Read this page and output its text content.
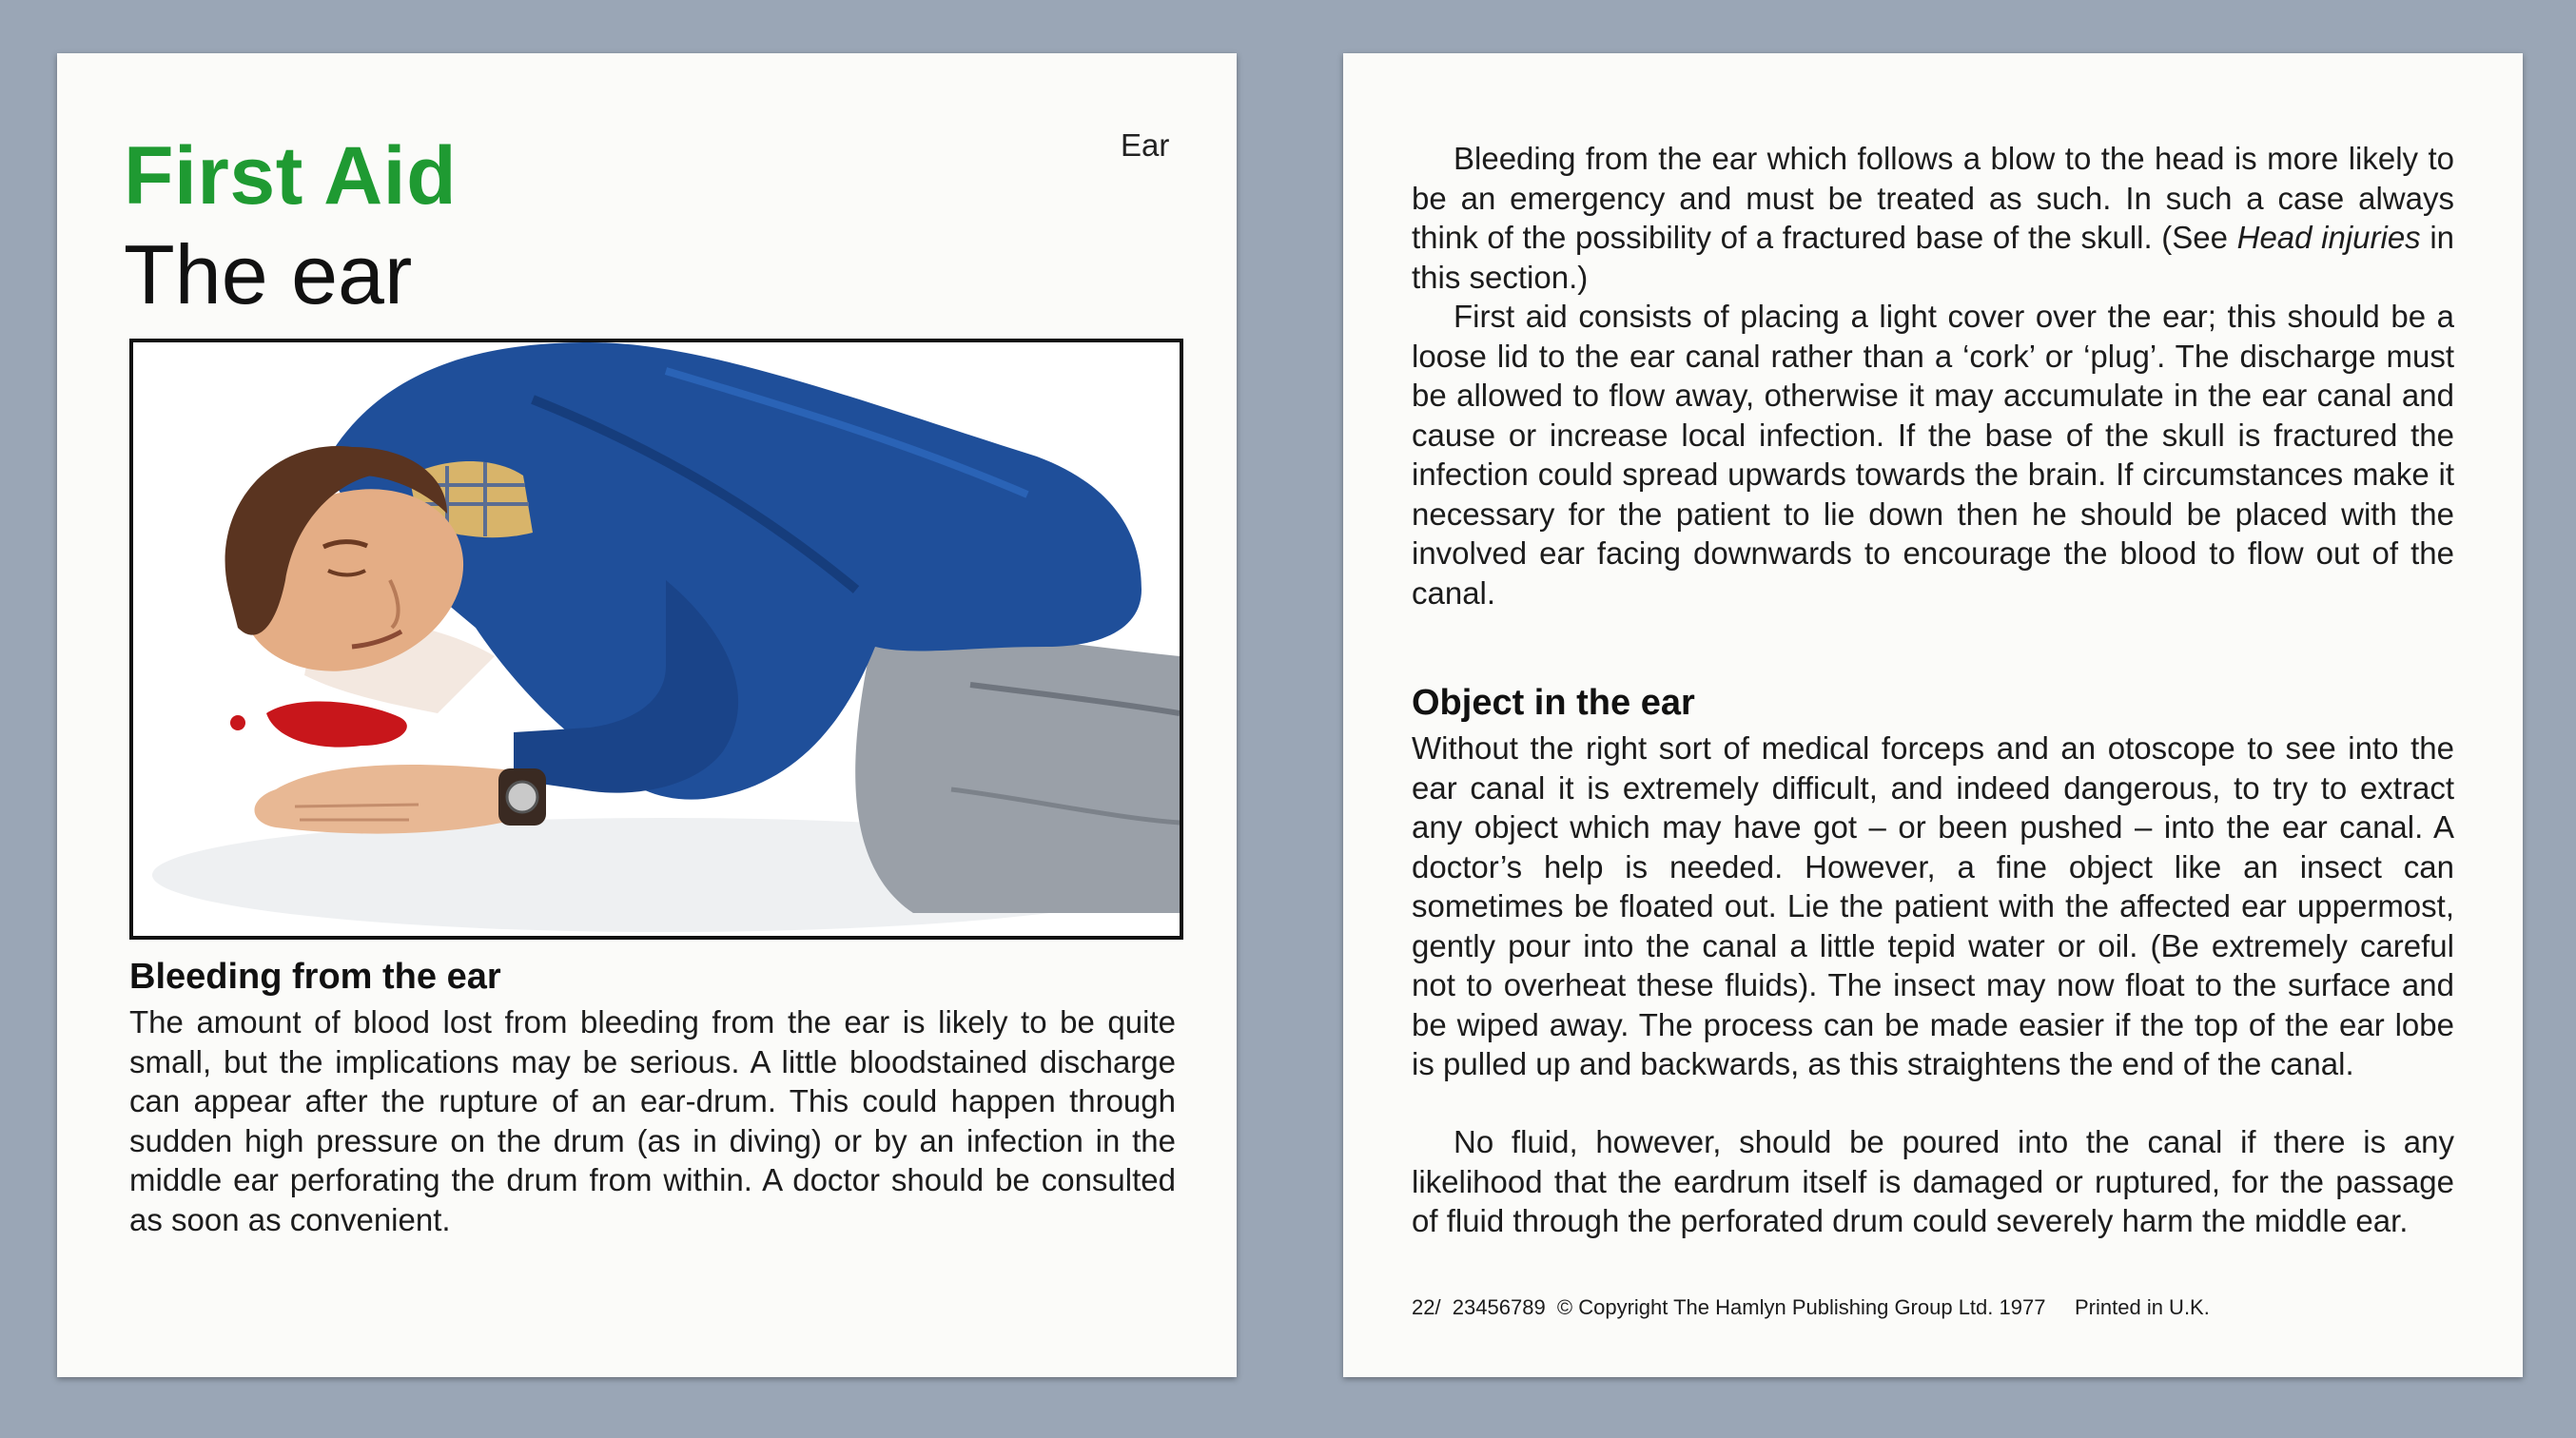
First Aid	Ear
The ear
Bleeding from the ear

The amount of blood lost from bleeding from the ear is likely to be quite small, but the implications may be serious. A little bloodstained discharge can appear after the rupture of an ear-drum. This could happen through sudden high pressure on the drum (as in diving) or by an infection in the middle ear perforating the drum from within. A doctor should be consulted as soon as convenient.

Bleeding from the ear which follows a blow to the head is more likely to be an emergency and must be treated as such. In such a case always think of the possibility of a fractured base of the skull. (See Head injuries in this section.)

First aid consists of placing a light cover over the ear; this should be a loose lid to the ear canal rather than a ‘cork’ or ‘plug’. The discharge must be allowed to flow away, otherwise it may accumulate in the ear canal and cause or increase local infection. If the base of the skull is fractured the infection could spread upwards towards the brain. If circumstances make it necessary for the patient to lie down then he should be placed with the involved ear facing downwards to encourage the blood to flow out of the canal.

Object in the ear

Without the right sort of medical forceps and an otoscope to see into the ear canal it is extremely difficult, and indeed dangerous, to try to extract any object which may have got – or been pushed – into the ear canal. A doctor’s help is needed. However, a fine object like an insect can sometimes be floated out. Lie the patient with the affected ear uppermost, gently pour into the canal a little tepid water or oil. (Be extremely careful not to overheat these fluids). The insect may now float to the surface and be wiped away. The process can be made easier if the top of the ear lobe is pulled up and backwards, as this straightens the end of the canal.

No fluid, however, should be poured into the canal if there is any likelihood that the eardrum itself is damaged or ruptured, for the passage of fluid through the perforated drum could severely harm the middle ear.

22/  23456789  © Copyright The Hamlyn Publishing Group Ltd. 1977     Printed in U.K.
